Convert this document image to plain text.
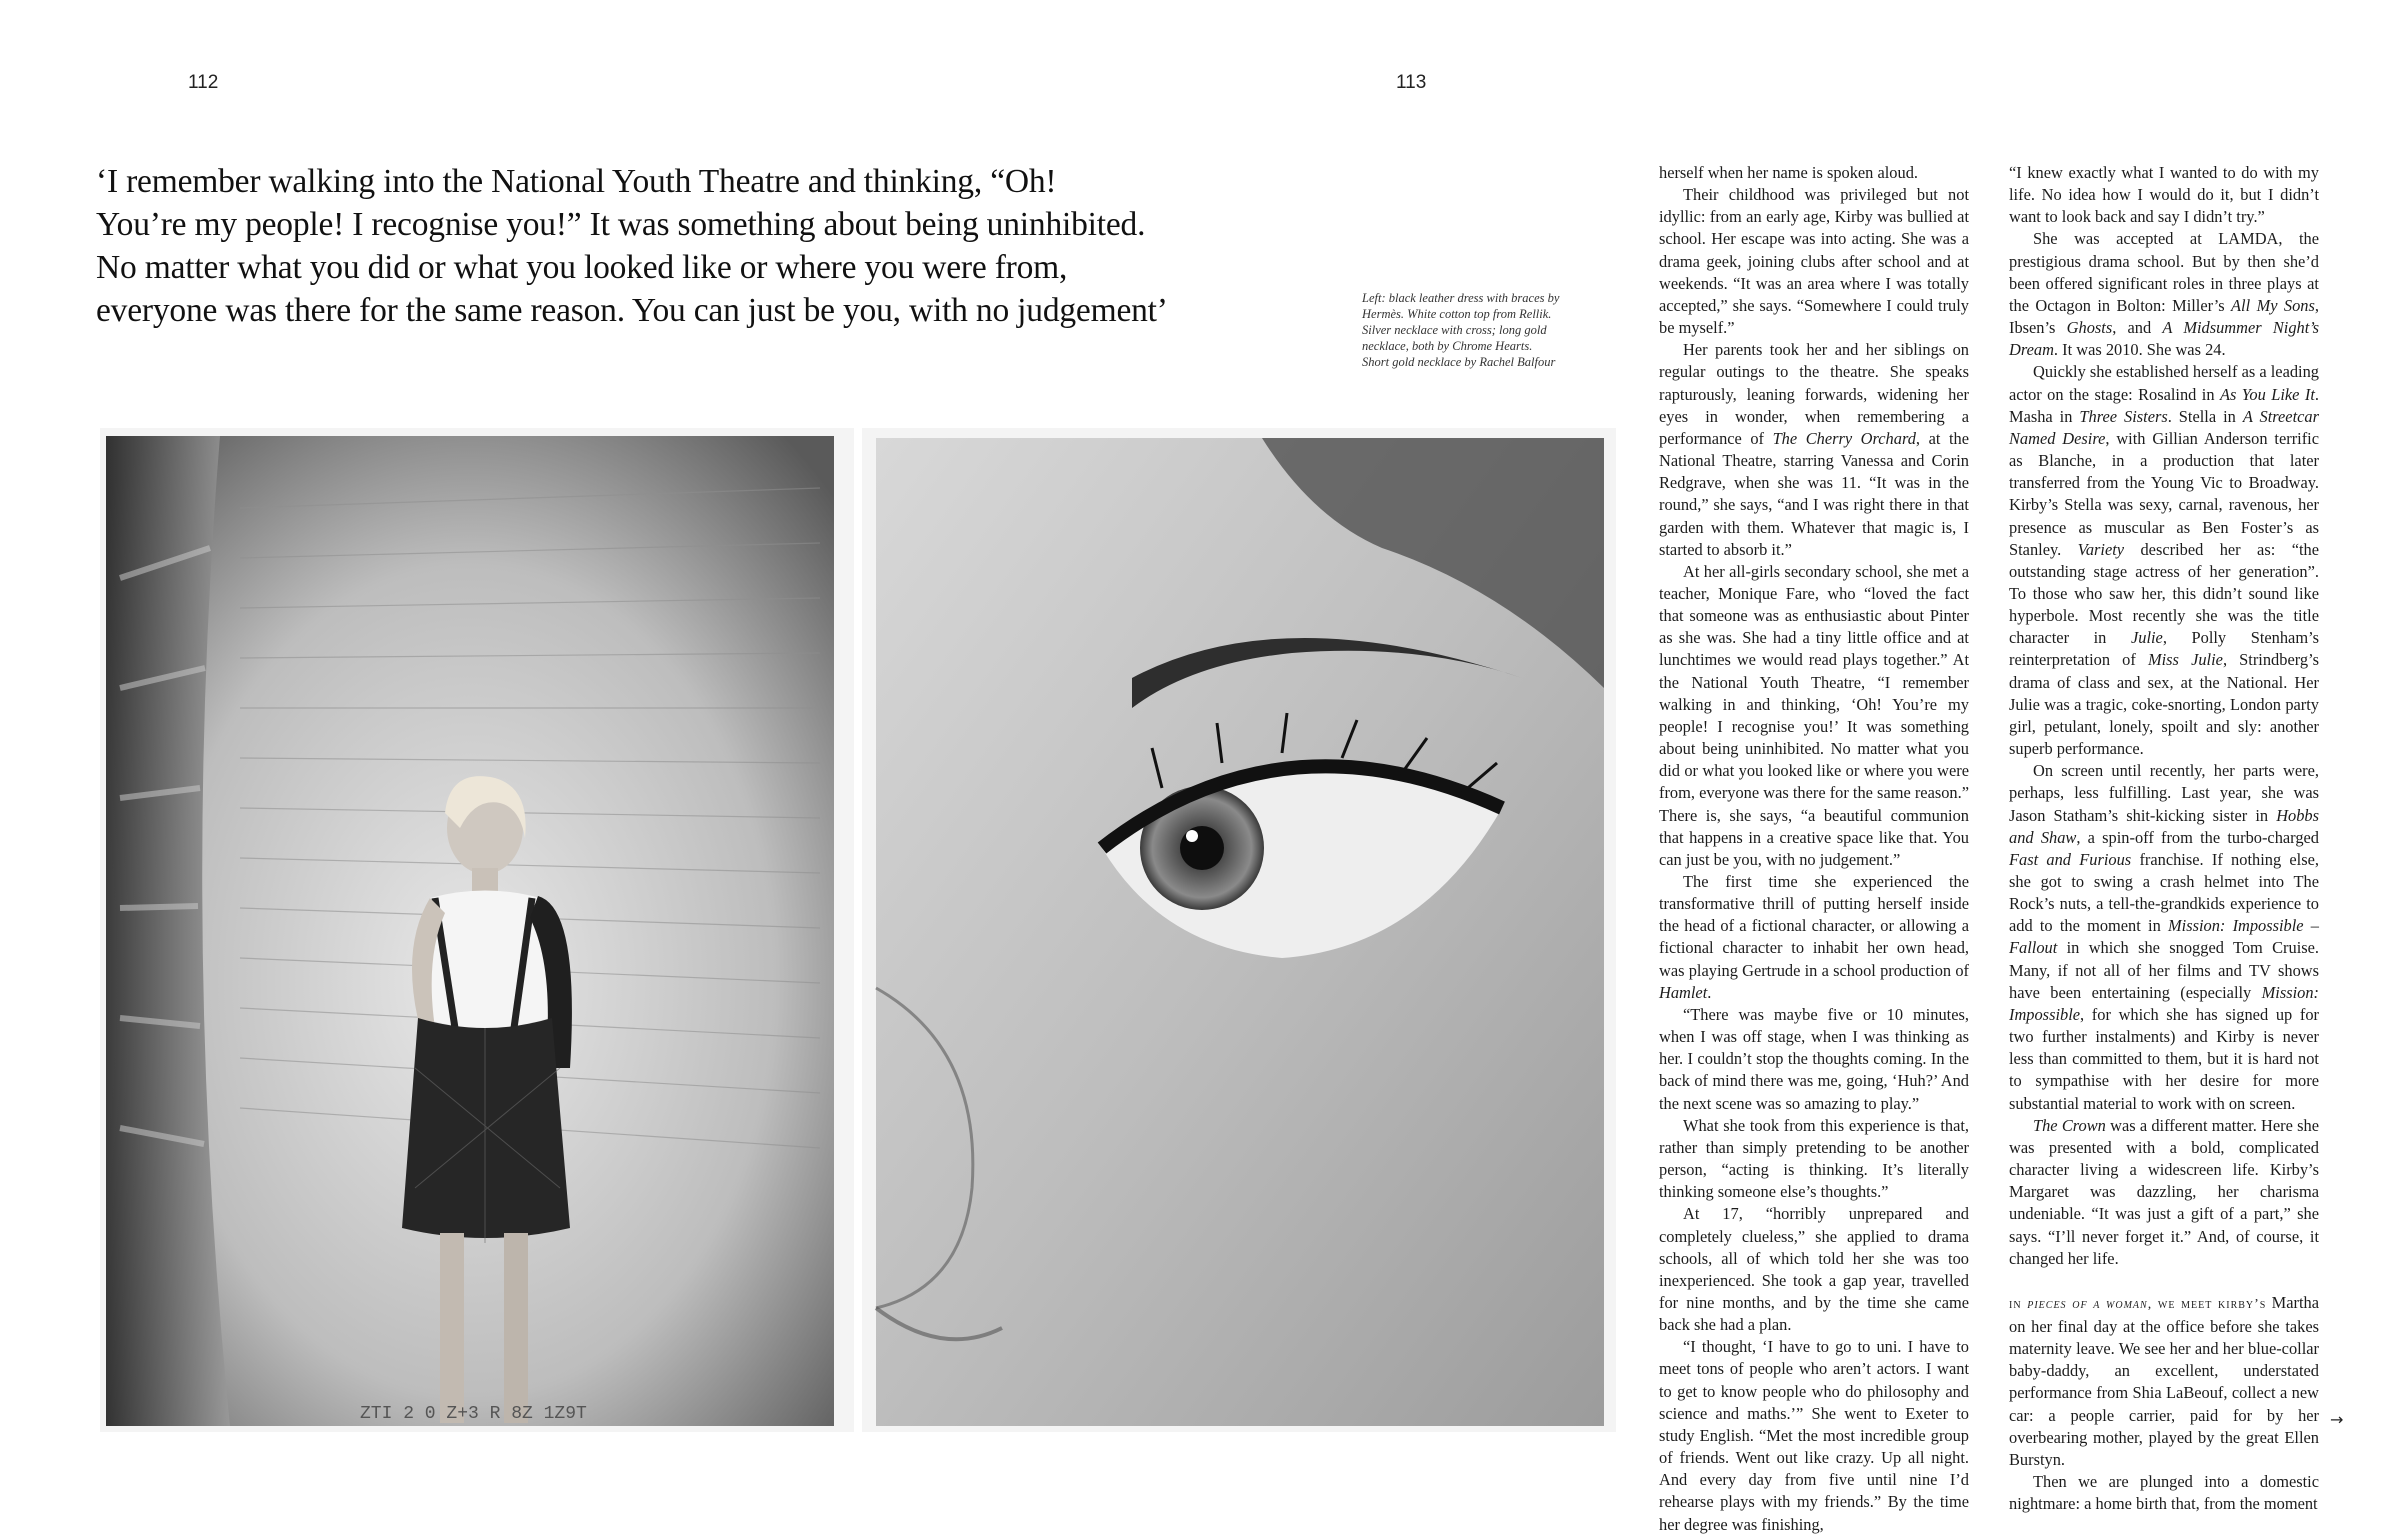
112	113
‘I remember walking into the National Youth Theatre and thinking, “Oh!
You’re my people! I recognise you!” It was something about being uninhibited.
No matter what you did or what you looked like or where you were from,
everyone was there for the same reason. You can just be you, with no judgement’	Left: black leather dress with braces by Hermès. White cotton top from Rellik. Silver necklace with cross; long gold necklace, both by Chrome Hearts. Short gold necklace by Rachel Balfour
ZTI 2 0 Z+3 R 8Z 1Z9T

herself when her name is spoken aloud.

Their childhood was privileged but not idyllic: from an early age, Kirby was bullied at school. Her escape was into acting. She was a drama geek, joining clubs after school and at weekends. “It was an area where I was totally accepted,” she says. “Somewhere I could truly be myself.”

Her parents took her and her siblings on regular outings to the theatre. She speaks rapturously, leaning forwards, widening her eyes in wonder, when remembering a performance of The Cherry Orchard, at the National Theatre, starring Vanessa and Corin Redgrave, when she was 11. “It was in the round,” she says, “and I was right there in that garden with them. Whatever that magic is, I started to absorb it.”

At her all-girls secondary school, she met a teacher, Monique Fare, who “loved the fact that someone was as enthusiastic about Pinter as she was. She had a tiny little office and at lunchtimes we would read plays together.” At the National Youth Theatre, “I remember walking in and thinking, ‘Oh! You’re my people! I recognise you!’ It was something about being uninhibited. No matter what you did or what you looked like or where you were from, everyone was there for the same reason.” There is, she says, “a beautiful communion that happens in a creative space like that. You can just be you, with no judgement.”

The first time she experienced the transformative thrill of putting herself inside the head of a fictional character, or allowing a fictional character to inhabit her own head, was playing Gertrude in a school production of Hamlet.

“There was maybe five or 10 minutes, when I was off stage, when I was thinking as her. I couldn’t stop the thoughts coming. In the back of mind there was me, going, ‘Huh?’ And the next scene was so amazing to play.”

What she took from this experience is that, rather than simply pretending to be another person, “acting is thinking. It’s literally thinking someone else’s thoughts.”

At 17, “horribly unprepared and completely clueless,” she applied to drama schools, all of which told her she was too inexperienced. She took a gap year, travelled for nine months, and by the time she came back she had a plan.

“I thought, ‘I have to go to uni. I have to meet tons of people who aren’t actors. I want to get to know people who do philosophy and science and maths.’” She went to Exeter to study English. “Met the most incredible group of friends. Went out like crazy. Up all night. And every day from five until nine I’d rehearse plays with my friends.” By the time her degree was finishing,

“I knew exactly what I wanted to do with my life. No idea how I would do it, but I didn’t want to look back and say I didn’t try.”

She was accepted at LAMDA, the prestigious drama school. But by then she’d been offered significant roles in three plays at the Octagon in Bolton: Miller’s All My Sons, Ibsen’s Ghosts, and A Midsummer Night’s Dream. It was 2010. She was 24.

Quickly she established herself as a leading actor on the stage: Rosalind in As You Like It. Masha in Three Sisters. Stella in A Streetcar Named Desire, with Gillian Anderson terrific as Blanche, in a production that later transferred from the Young Vic to Broadway. Kirby’s Stella was sexy, carnal, ravenous, her presence as muscular as Ben Foster’s as Stanley. Variety described her as: “the outstanding stage actress of her generation”. To those who saw her, this didn’t sound like hyperbole. Most recently she was the title character in Julie, Polly Stenham’s reinterpretation of Miss Julie, Strindberg’s drama of class and sex, at the National. Her Julie was a tragic, coke-snorting, London party girl, petulant, lonely, spoilt and sly: another superb performance.

On screen until recently, her parts were, perhaps, less fulfilling. Last year, she was Jason Statham’s shit-kicking sister in Hobbs and Shaw, a spin-off from the turbo-charged Fast and Furious franchise. If nothing else, she got to swing a crash helmet into The Rock’s nuts, a tell-the-grandkids experience to add to the moment in Mission: Impossible – Fallout in which she snogged Tom Cruise. Many, if not all of her films and TV shows have been entertaining (especially Mission: Impossible, for which she has signed up for two further instalments) and Kirby is never less than committed to them, but it is hard not to sympathise with her desire for more substantial material to work with on screen.

The Crown was a different matter. Here she was presented with a bold, complicated character living a widescreen life. Kirby’s Margaret was dazzling, her charisma undeniable. “It was just a gift of a part,” she says. “I’ll never forget it.” And, of course, it changed her life.

in pieces of a woman, we meet kirby’s Martha on her final day at the office before she takes maternity leave. We see her and her blue-collar baby-daddy, an excellent, understated performance from Shia LaBeouf, collect a new car: a people carrier, paid for by her overbearing mother, played by the great Ellen Burstyn.

Then we are plunged into a domestic nightmare: a home birth that, from the moment

→
